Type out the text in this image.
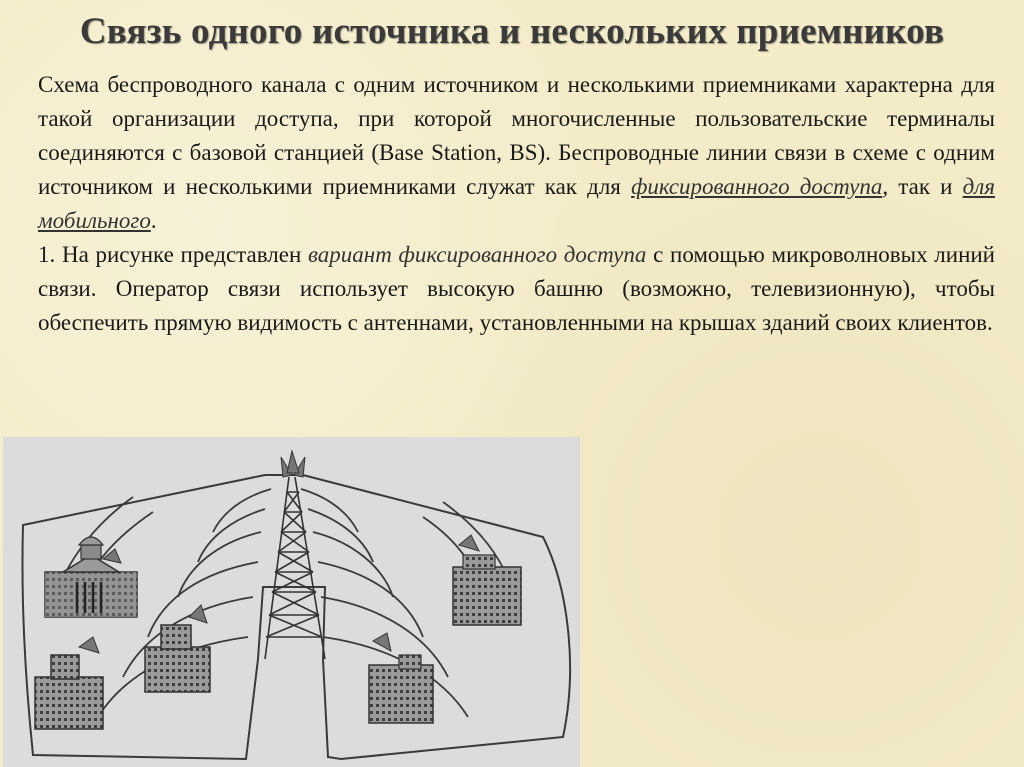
Связь одного источника и нескольких приемников

Схема беспроводного канала с одним источником и несколькими приемниками характерна для такой организации доступа, при которой многочисленные пользовательские терминалы соединяются с базовой станцией (Base Station, BS). Беспроводные линии связи в схеме с одним источником и несколькими приемниками служат как для фиксированного доступа, так и для мобильного.

1. На рисунке представлен вариант фиксированного доступа с помощью микроволновых линий связи. Оператор связи использует высокую башню (возможно, телевизионную), чтобы обеспечить прямую видимость с антеннами, установленными на крышах зданий своих клиентов.
